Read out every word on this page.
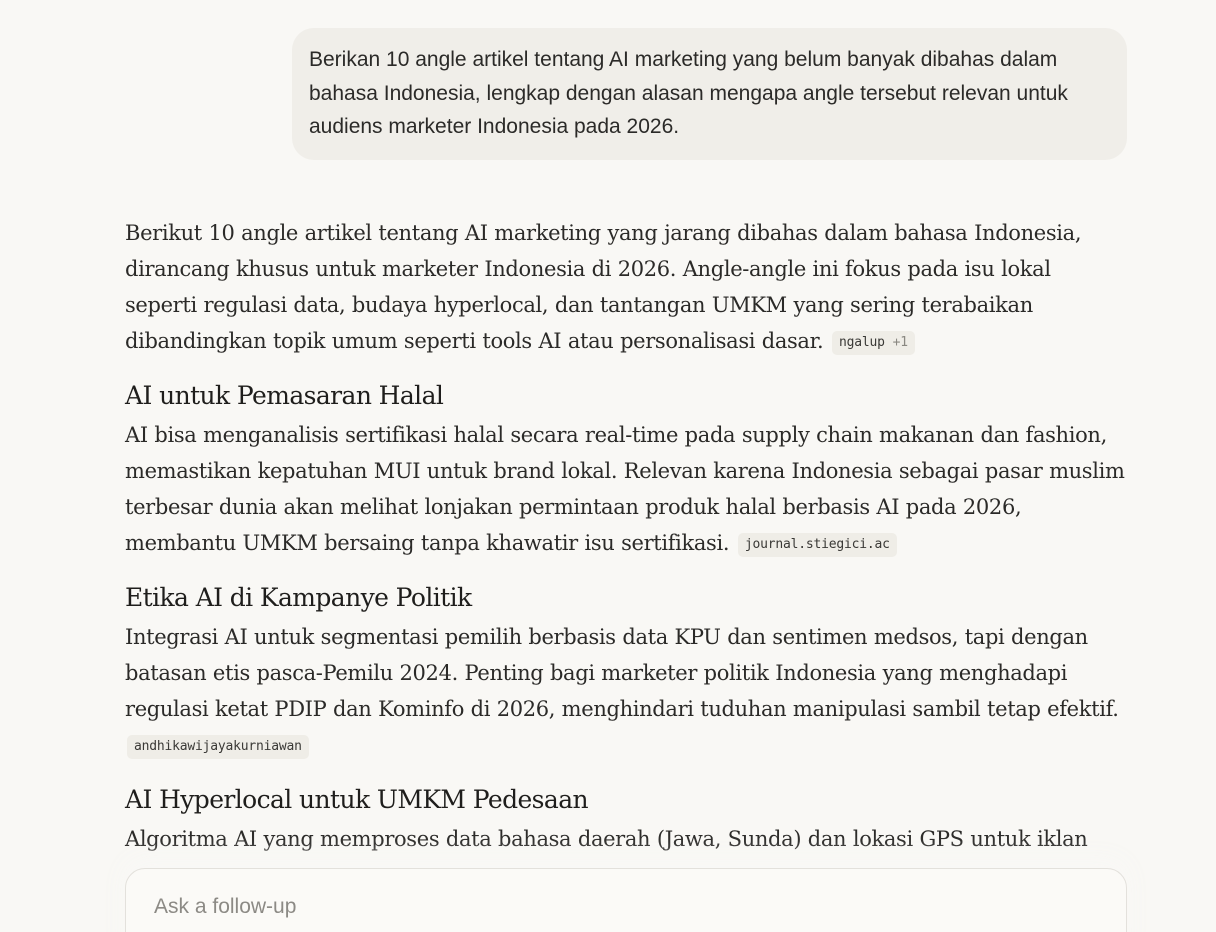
Berikan 10 angle artikel tentang AI marketing yang belum banyak dibahas dalam bahasa Indonesia, lengkap dengan alasan mengapa angle tersebut relevan untuk audiens marketer Indonesia pada 2026.

Berikut 10 angle artikel tentang AI marketing yang jarang dibahas dalam bahasa Indonesia, dirancang khusus untuk marketer Indonesia di 2026. Angle-angle ini fokus pada isu lokal seperti regulasi data, budaya hyperlocal, dan tantangan UMKM yang sering terabaikan dibandingkan topik umum seperti tools AI atau personalisasi dasar. ngalup +1

AI untuk Pemasaran Halal

AI bisa menganalisis sertifikasi halal secara real-time pada supply chain makanan dan fashion, memastikan kepatuhan MUI untuk brand lokal. Relevan karena Indonesia sebagai pasar muslim terbesar dunia akan melihat lonjakan permintaan produk halal berbasis AI pada 2026, membantu UMKM bersaing tanpa khawatir isu sertifikasi. journal.stiegici.ac

Etika AI di Kampanye Politik

Integrasi AI untuk segmentasi pemilih berbasis data KPU dan sentimen medsos, tapi dengan batasan etis pasca-Pemilu 2024. Penting bagi marketer politik Indonesia yang menghadapi regulasi ketat PDIP dan Kominfo di 2026, menghindari tuduhan manipulasi sambil tetap efektif. andhikawijayakurniawan

AI Hyperlocal untuk UMKM Pedesaan

Algoritma AI yang memproses data bahasa daerah (Jawa, Sunda) dan lokasi GPS untuk iklan

Ask a follow-up
